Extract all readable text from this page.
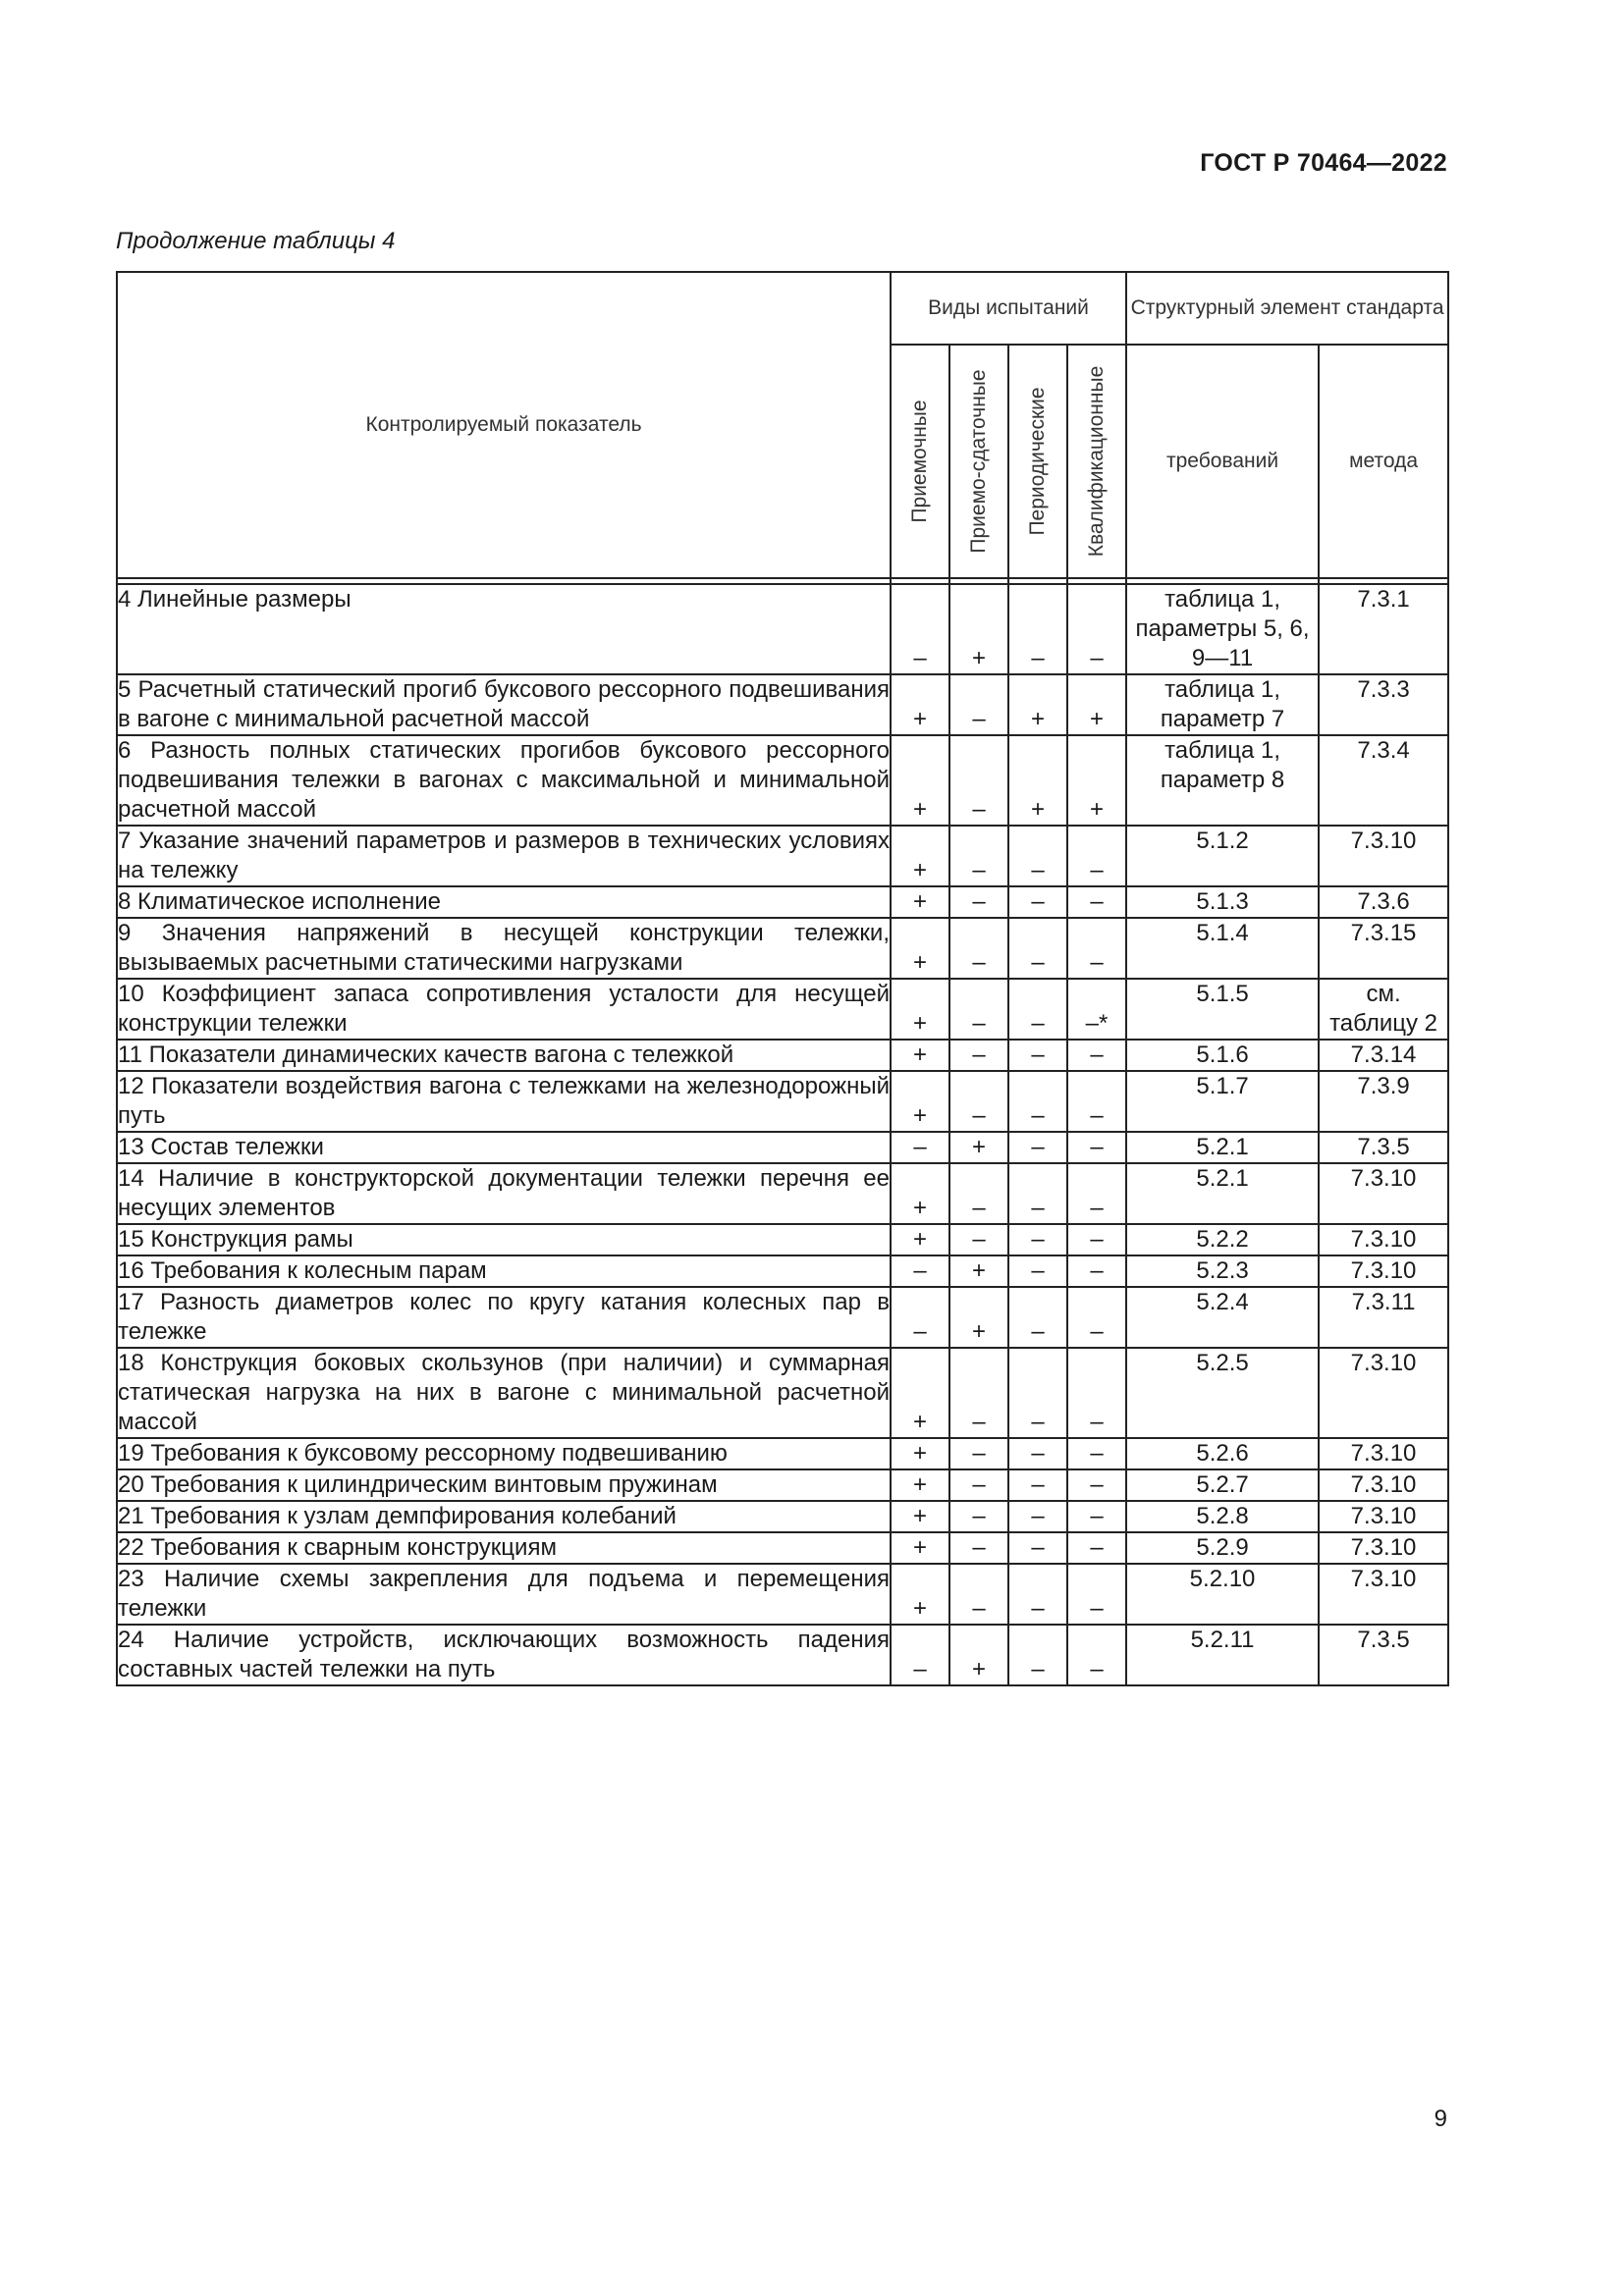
ГОСТ Р 70464—2022
Продолжение таблицы 4
Контролируемый показатель	Виды испытаний				Структурный элемент стандарта	

	Приемочные	Приемо-сдаточные	Периодические	Квалификационные	требований	метода

4 Линейные размеры	–	+	–	–	таблица 1, параметры 5, 6, 9—11	7.3.1
5 Расчетный статический прогиб буксового рессорного подвешивания в вагоне с минимальной расчетной массой	+	–	+	+	таблица 1, параметр 7	7.3.3
6 Разность полных статических прогибов буксового рессорного подвешивания тележки в вагонах с максимальной и минимальной расчетной массой	+	–	+	+	таблица 1, параметр 8	7.3.4
7 Указание значений параметров и размеров в технических условиях на тележку	+	–	–	–	5.1.2	7.3.10
8 Климатическое исполнение	+	–	–	–	5.1.3	7.3.6
9 Значения напряжений в несущей конструкции тележки, вызываемых расчетными статическими нагрузками	+	–	–	–	5.1.4	7.3.15
10 Коэффициент запаса сопротивления усталости для несущей конструкции тележки	+	–	–	–*	5.1.5	см. таблицу 2
11 Показатели динамических качеств вагона с тележкой	+	–	–	–	5.1.6	7.3.14
12 Показатели воздействия вагона с тележками на железнодорожный путь	+	–	–	–	5.1.7	7.3.9
13 Состав тележки	–	+	–	–	5.2.1	7.3.5
14 Наличие в конструкторской документации тележки перечня ее несущих элементов	+	–	–	–	5.2.1	7.3.10
15 Конструкция рамы	+	–	–	–	5.2.2	7.3.10
16 Требования к колесным парам	–	+	–	–	5.2.3	7.3.10
17 Разность диаметров колес по кругу катания колесных пар в тележке	–	+	–	–	5.2.4	7.3.11
18 Конструкция боковых скользунов (при наличии) и суммарная статическая нагрузка на них в вагоне с минимальной расчетной массой	+	–	–	–	5.2.5	7.3.10
19 Требования к буксовому рессорному подвешиванию	+	–	–	–	5.2.6	7.3.10
20 Требования к цилиндрическим винтовым пружинам	+	–	–	–	5.2.7	7.3.10
21 Требования к узлам демпфирования колебаний	+	–	–	–	5.2.8	7.3.10
22 Требования к сварным конструкциям	+	–	–	–	5.2.9	7.3.10
23 Наличие схемы закрепления для подъема и перемещения тележки	+	–	–	–	5.2.10	7.3.10
24 Наличие устройств, исключающих возможность падения составных частей тележки на путь	–	+	–	–	5.2.11	7.3.5
9
